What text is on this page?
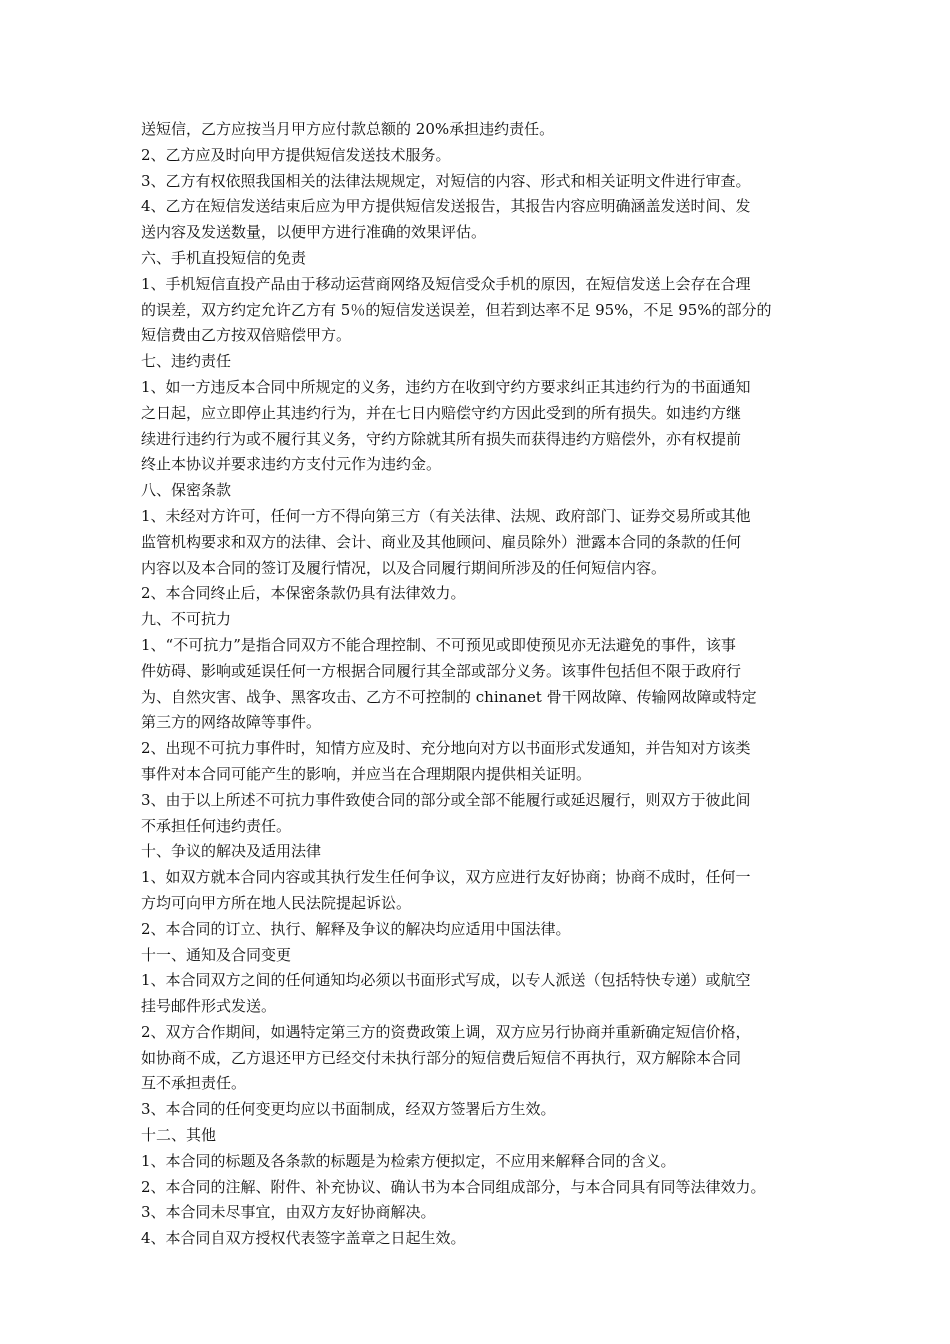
送短信，乙方应按当月甲方应付款总额的 20%承担违约责任。
2、乙方应及时向甲方提供短信发送技术服务。
3、乙方有权依照我国相关的法律法规规定，对短信的内容、形式和相关证明文件进行审查。
4、乙方在短信发送结束后应为甲方提供短信发送报告，其报告内容应明确涵盖发送时间、发
送内容及发送数量，以便甲方进行准确的效果评估。
六、手机直投短信的免责
1、手机短信直投产品由于移动运营商网络及短信受众手机的原因，在短信发送上会存在合理
的误差，双方约定允许乙方有 5％的短信发送误差，但若到达率不足 95%，不足 95%的部分的
短信费由乙方按双倍赔偿甲方。
七、违约责任
1、如一方违反本合同中所规定的义务，违约方在收到守约方要求纠正其违约行为的书面通知
之日起，应立即停止其违约行为，并在七日内赔偿守约方因此受到的所有损失。如违约方继
续进行违约行为或不履行其义务，守约方除就其所有损失而获得违约方赔偿外，亦有权提前
终止本协议并要求违约方支付元作为违约金。
八、保密条款
1、未经对方许可，任何一方不得向第三方（有关法律、法规、政府部门、证券交易所或其他
监管机构要求和双方的法律、会计、商业及其他顾问、雇员除外）泄露本合同的条款的任何
内容以及本合同的签订及履行情况，以及合同履行期间所涉及的任何短信内容。
2、本合同终止后，本保密条款仍具有法律效力。
九、不可抗力
1、“不可抗力”是指合同双方不能合理控制、不可预见或即使预见亦无法避免的事件，该事
件妨碍、影响或延误任何一方根据合同履行其全部或部分义务。该事件包括但不限于政府行
为、自然灾害、战争、黑客攻击、乙方不可控制的 chinanet 骨干网故障、传输网故障或特定
第三方的网络故障等事件。
2、出现不可抗力事件时，知情方应及时、充分地向对方以书面形式发通知，并告知对方该类
事件对本合同可能产生的影响，并应当在合理期限内提供相关证明。
3、由于以上所述不可抗力事件致使合同的部分或全部不能履行或延迟履行，则双方于彼此间
不承担任何违约责任。
十、争议的解决及适用法律
1、如双方就本合同内容或其执行发生任何争议，双方应进行友好协商；协商不成时，任何一
方均可向甲方所在地人民法院提起诉讼。
2、本合同的订立、执行、解释及争议的解决均应适用中国法律。
十一、通知及合同变更
1、本合同双方之间的任何通知均必须以书面形式写成，以专人派送（包括特快专递）或航空
挂号邮件形式发送。
2、双方合作期间，如遇特定第三方的资费政策上调，双方应另行协商并重新确定短信价格，
如协商不成，乙方退还甲方已经交付未执行部分的短信费后短信不再执行，双方解除本合同
互不承担责任。
3、本合同的任何变更均应以书面制成，经双方签署后方生效。
十二、其他
1、本合同的标题及各条款的标题是为检索方便拟定，不应用来解释合同的含义。
2、本合同的注解、附件、补充协议、确认书为本合同组成部分，与本合同具有同等法律效力。
3、本合同未尽事宜，由双方友好协商解决。
4、本合同自双方授权代表签字盖章之日起生效。
